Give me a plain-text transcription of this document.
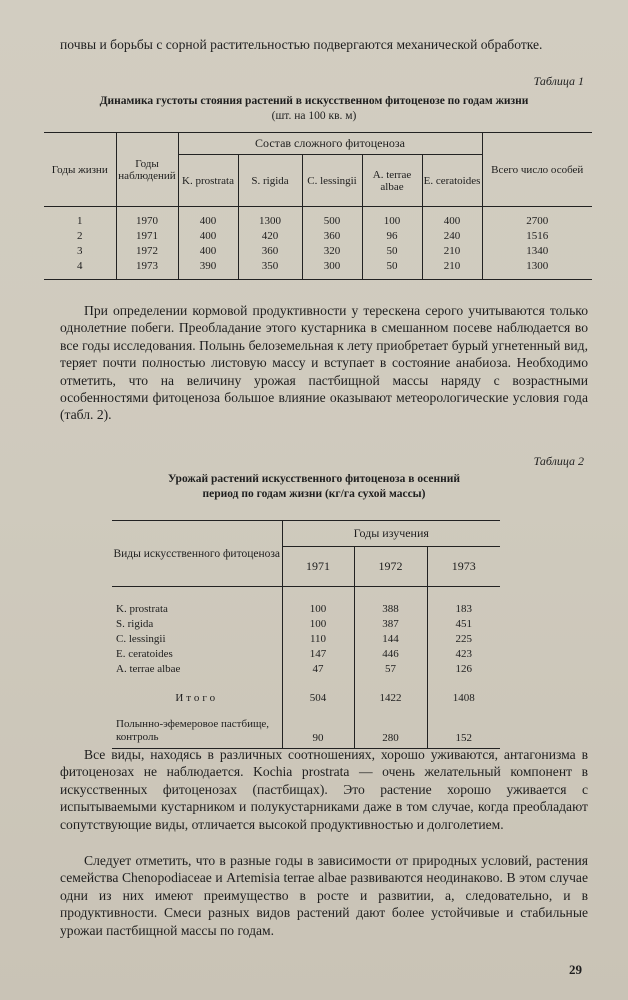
почвы и борьбы с сорной растительностью подвергаются механической обработке.

Таблица 1
Динамика густоты стояния растений в искусственном фитоценозе по годам жизни
(шт. на 100 кв. м)
Годы жизни	Годы наблюдений	Состав сложного фитоценоза					Всего число особей
		K. prostrata	S. rigida	C. lessingii	A. terrae albae	E. ceratoides	
1	1970	400	1300	500	100	400	2700
2	1971	400	420	360	96	240	1516
3	1972	400	360	320	50	210	1340
4	1973	390	350	300	50	210	1300

При определении кормовой продуктивности у терескена серого учитываются только однолетние побеги. Преобладание этого кустарника в смешанном посеве наблюдается во все годы исследования. Полынь белоземельная к лету приобретает бурый угнетенный вид, теряет почти полностью листовую массу и вступает в состояние анабиоза. Необходимо отметить, что на величину урожая пастбищной массы наряду с возрастными особенностями фитоценоза большое влияние оказывают метеорологические условия года (табл. 2).

Таблица 2
Урожай растений искусственного фитоценоза в осенний
период по годам жизни (кг/га сухой массы)
Виды искусственного фитоценоза	Годы изучения		
	1971	1972	1973
K. prostrata	100	388	183
S. rigida	100	387	451
C. lessingii	110	144	225
E. ceratoides	147	446	423
A. terrae albae	47	57	126
Итого	504	1422	1408
Полынно-эфемеровое пастбище, контроль	90	280	152

Все виды, находясь в различных соотношениях, хорошо уживаются, антагонизма в фитоценозах не наблюдается. Kochia prostrata — очень желательный компонент в искусственных фитоценозах (пастбищах). Это растение хорошо уживается с испытываемыми кустарником и полукустарниками даже в том случае, когда преобладают сопутствующие виды, отличается высокой продуктивностью и долголетием.

Следует отметить, что в разные годы в зависимости от природных условий, растения семейства Chenopodiaceae и Artemisia terrae albae развиваются неодинаково. В этом случае одни из них имеют преимущество в росте и развитии, а, следовательно, и в продуктивности. Смеси разных видов растений дают более устойчивые и стабильные урожаи пастбищной массы по годам.

29
